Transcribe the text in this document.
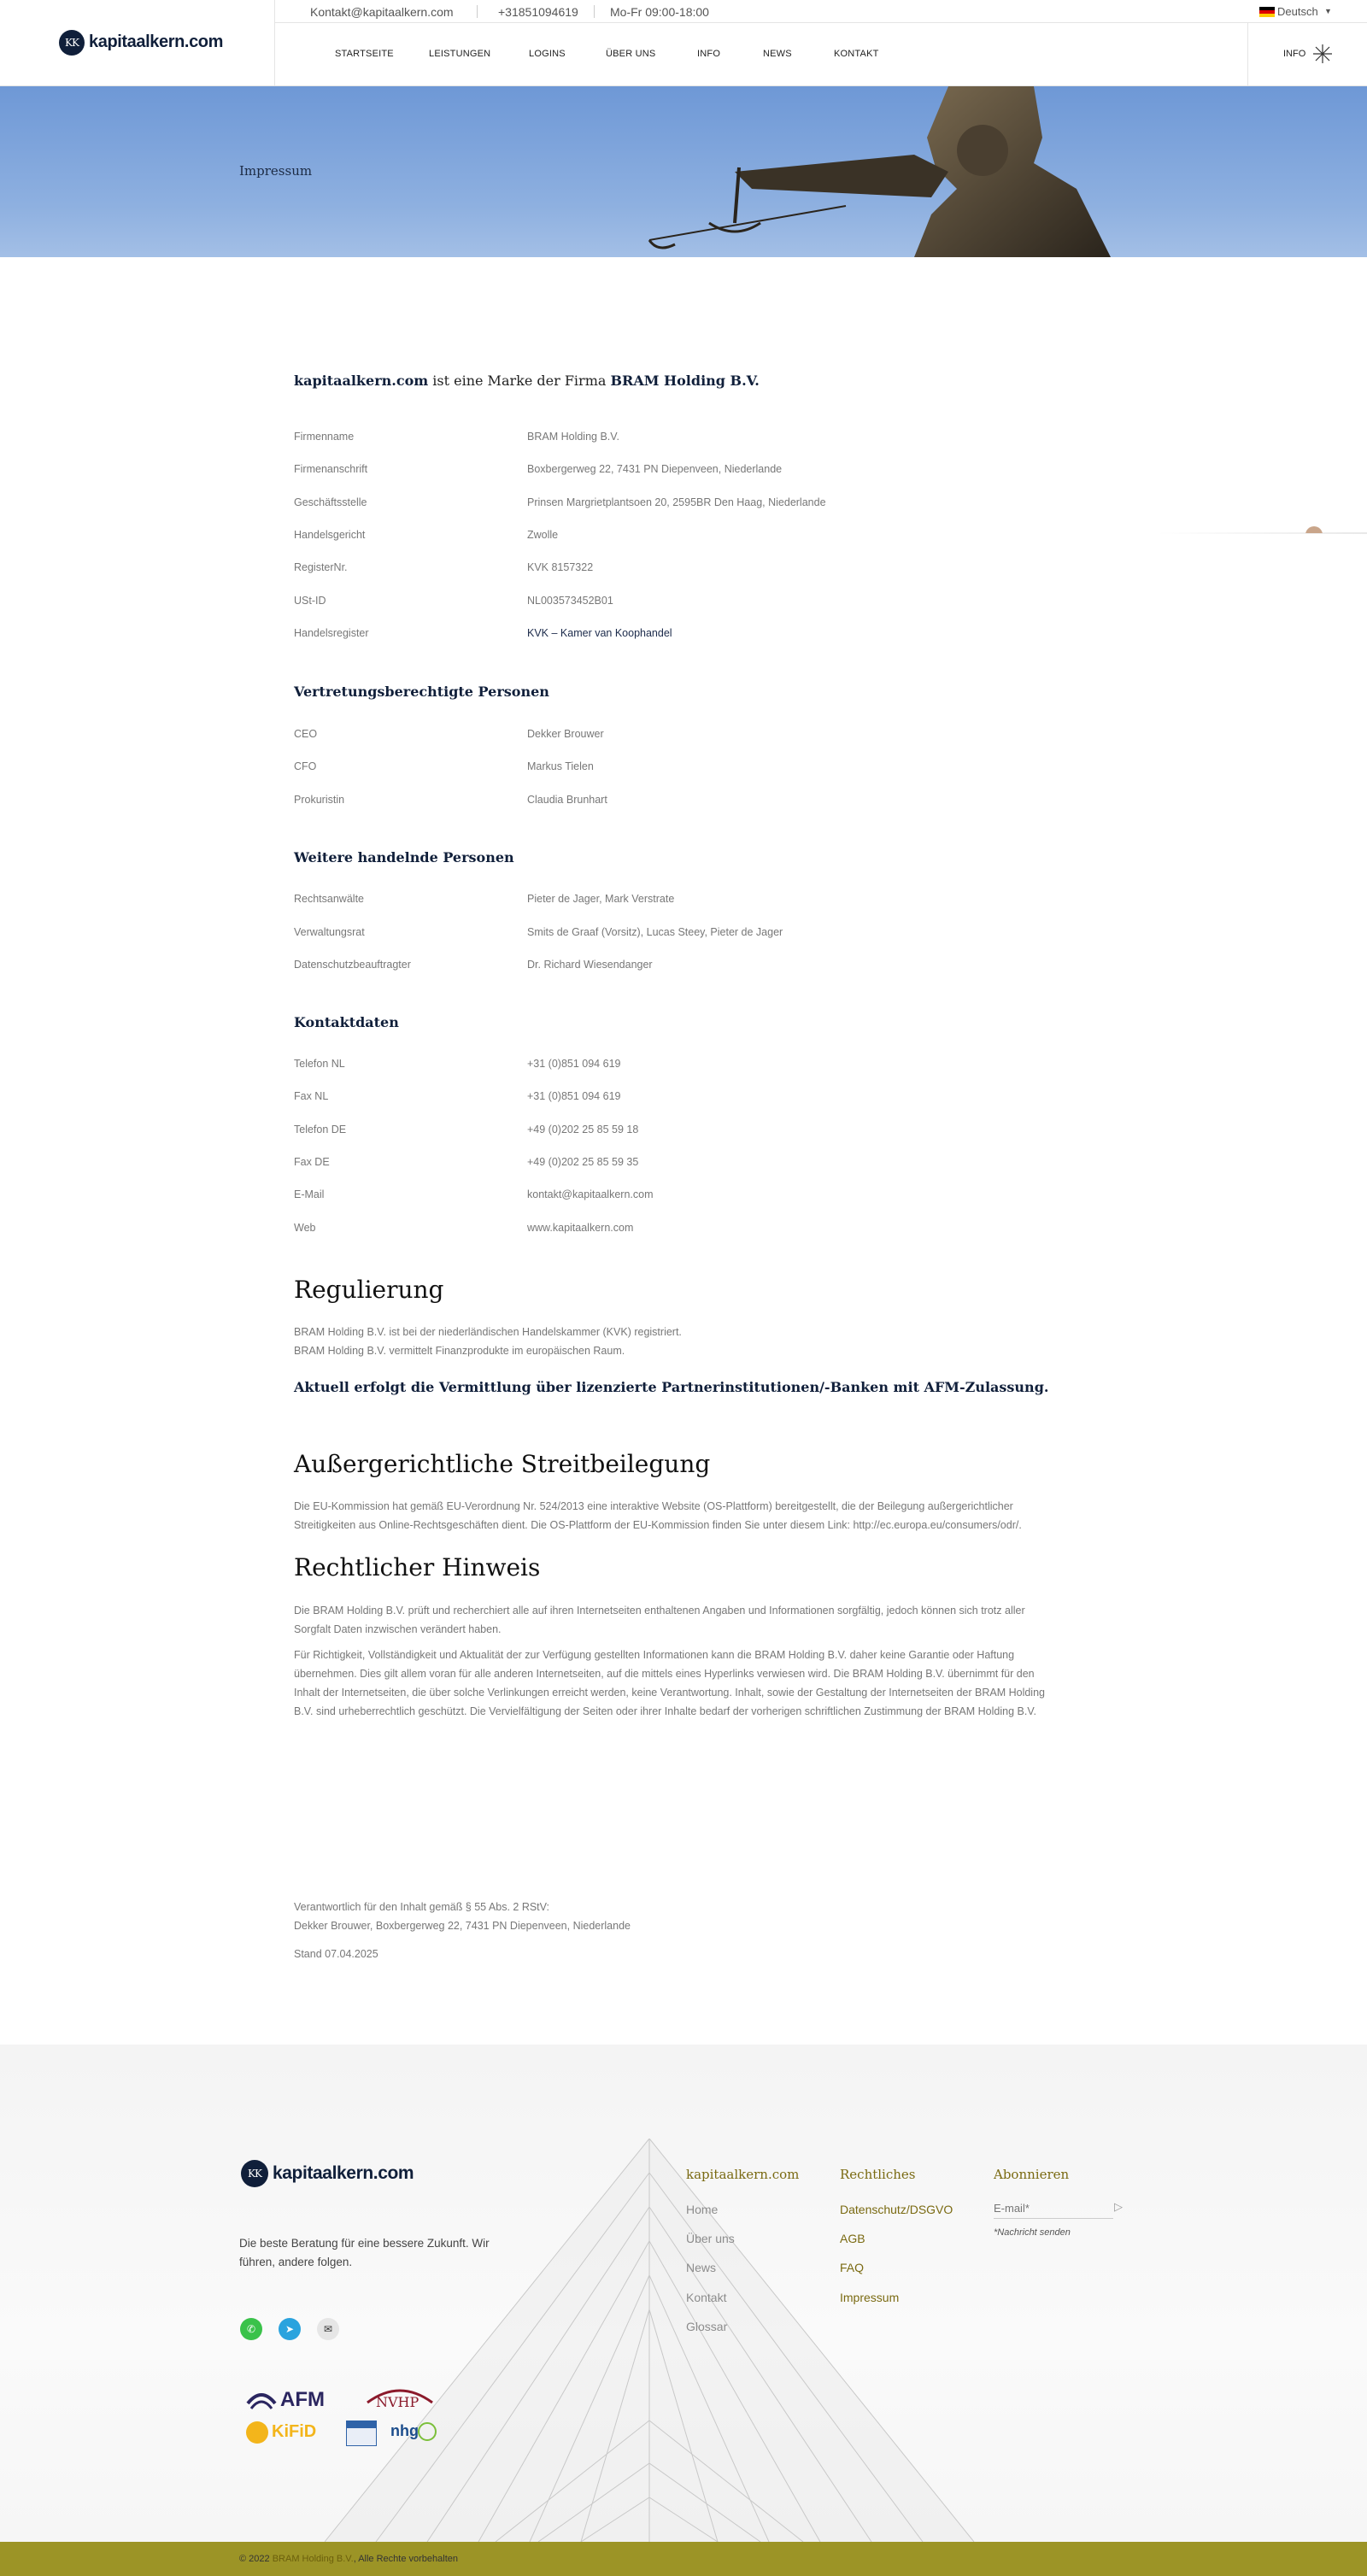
Kontakt@kapitaalkern.com	+31851094619	Mo-Fr 09:00-18:00	Deutsch ▼
KK kapitaalkern.com
STARTSEITE	LEISTUNGEN	LOGINS	ÜBER UNS	INFO	NEWS	KONTAKT	INFO
Impressum
kapitaalkern.com ist eine Marke der Firma BRAM Holding B.V.
Firmenname	BRAM Holding B.V.
Firmenanschrift	Boxbergerweg 22, 7431 PN Diepenveen, Niederlande
Geschäftsstelle	Prinsen Margrietplantsoen 20, 2595BR Den Haag, Niederlande
Handelsgericht	Zwolle
RegisterNr.	KVK 8157322
USt-ID	NL003573452B01
Handelsregister	KVK – Kamer van Koophandel
Vertretungsberechtigte Personen
CEO	Dekker Brouwer
CFO	Markus Tielen
Prokuristin	Claudia Brunhart
Weitere handelnde Personen
Rechtsanwälte	Pieter de Jager, Mark Verstrate
Verwaltungsrat	Smits de Graaf (Vorsitz), Lucas Steey, Pieter de Jager
Datenschutzbeauftragter	Dr. Richard Wiesendanger
Kontaktdaten
Telefon NL	+31 (0)851 094 619
Fax NL	+31 (0)851 094 619
Telefon DE	+49 (0)202 25 85 59 18
Fax DE	+49 (0)202 25 85 59 35
E-Mail	kontakt@kapitaalkern.com
Web	www.kapitaalkern.com
Regulierung
BRAM Holding B.V. ist bei der niederländischen Handelskammer (KVK) registriert.
BRAM Holding B.V. vermittelt Finanzprodukte im europäischen Raum.
Aktuell erfolgt die Vermittlung über lizenzierte Partnerinstitutionen/-Banken mit AFM-Zulassung.
Außergerichtliche Streitbeilegung
Die EU-Kommission hat gemäß EU-Verordnung Nr. 524/2013 eine interaktive Website (OS-Plattform) bereitgestellt, die der Beilegung außergerichtlicher
Streitigkeiten aus Online-Rechtsgeschäften dient. Die OS-Plattform der EU-Kommission finden Sie unter diesem Link: http://ec.europa.eu/consumers/odr/.
Rechtlicher Hinweis
Die BRAM Holding B.V. prüft und recherchiert alle auf ihren Internetseiten enthaltenen Angaben und Informationen sorgfältig, jedoch können sich trotz aller
Sorgfalt Daten inzwischen verändert haben.
Für Richtigkeit, Vollständigkeit und Aktualität der zur Verfügung gestellten Informationen kann die BRAM Holding B.V. daher keine Garantie oder Haftung
übernehmen. Dies gilt allem voran für alle anderen Internetseiten, auf die mittels eines Hyperlinks verwiesen wird. Die BRAM Holding B.V. übernimmt für den
Inhalt der Internetseiten, die über solche Verlinkungen erreicht werden, keine Verantwortung. Inhalt, sowie der Gestaltung der Internetseiten der BRAM Holding
B.V. sind urheberrechtlich geschützt. Die Vervielfältigung der Seiten oder ihrer Inhalte bedarf der vorherigen schriftlichen Zustimmung der BRAM Holding B.V.
Verantwortlich für den Inhalt gemäß § 55 Abs. 2 RStV:
Dekker Brouwer, Boxbergerweg 22, 7431 PN Diepenveen, Niederlande
Stand 07.04.2025
KK kapitaalkern.com
Die beste Beratung für eine bessere Zukunft. Wir
führen, andere folgen.
✆	➤	✉
AFM	NVHP
KiFiD	nhg
kapitaalkern.com
Home
Über uns
News
Kontakt
Glossar
Rechtliches
Datenschutz/DSGVO
AGB
FAQ
Impressum
Abonnieren
E-mail*
▷
*Nachricht senden
© 2022 BRAM Holding B.V., Alle Rechte vorbehalten
